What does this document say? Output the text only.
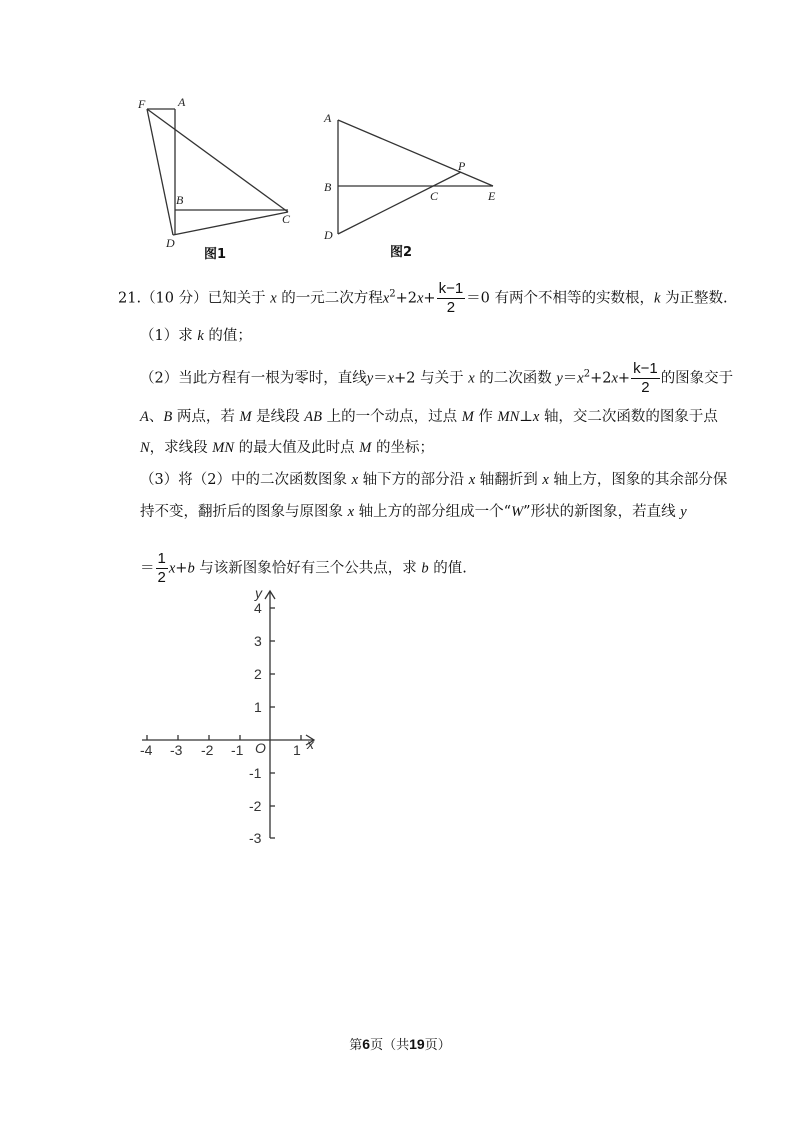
F	A
B
C
D
图1
A
B
C
P
E
D
图2
21.（10 分）已知关于 x 的一元二次方程$x^2+2x+ \frac{k-1}{2} =0$ 有两个不相等的实数根，k 为正整数.
（1）求 k 的值；
（2）当此方程有一根为零时，直线y＝x+2 与关于 x 的二次函数 $y=x^2+2x+ \frac{k-1}{2}$ 的图象交于
A、B 两点，若 M 是线段 AB 上的一个动点，过点 M 作 MN⊥x 轴，交二次函数的图象于点
N，求线段 MN 的最大值及此时点 M 的坐标；
（3）将（2）中的二次函数图象 x 轴下方的部分沿 x 轴翻折到 x 轴上方，图象的其余部分保
持不变，翻折后的图象与原图象 x 轴上方的部分组成一个“W”形状的新图象，若直线 y
＝ $\frac{1}{2} x+b$ 与该新图象恰好有三个公共点，求 b 的值.
y
x
O
-4 -3 -2 -1	1
4
3
2
1
-1
-2
-3
第6页（共19页）
